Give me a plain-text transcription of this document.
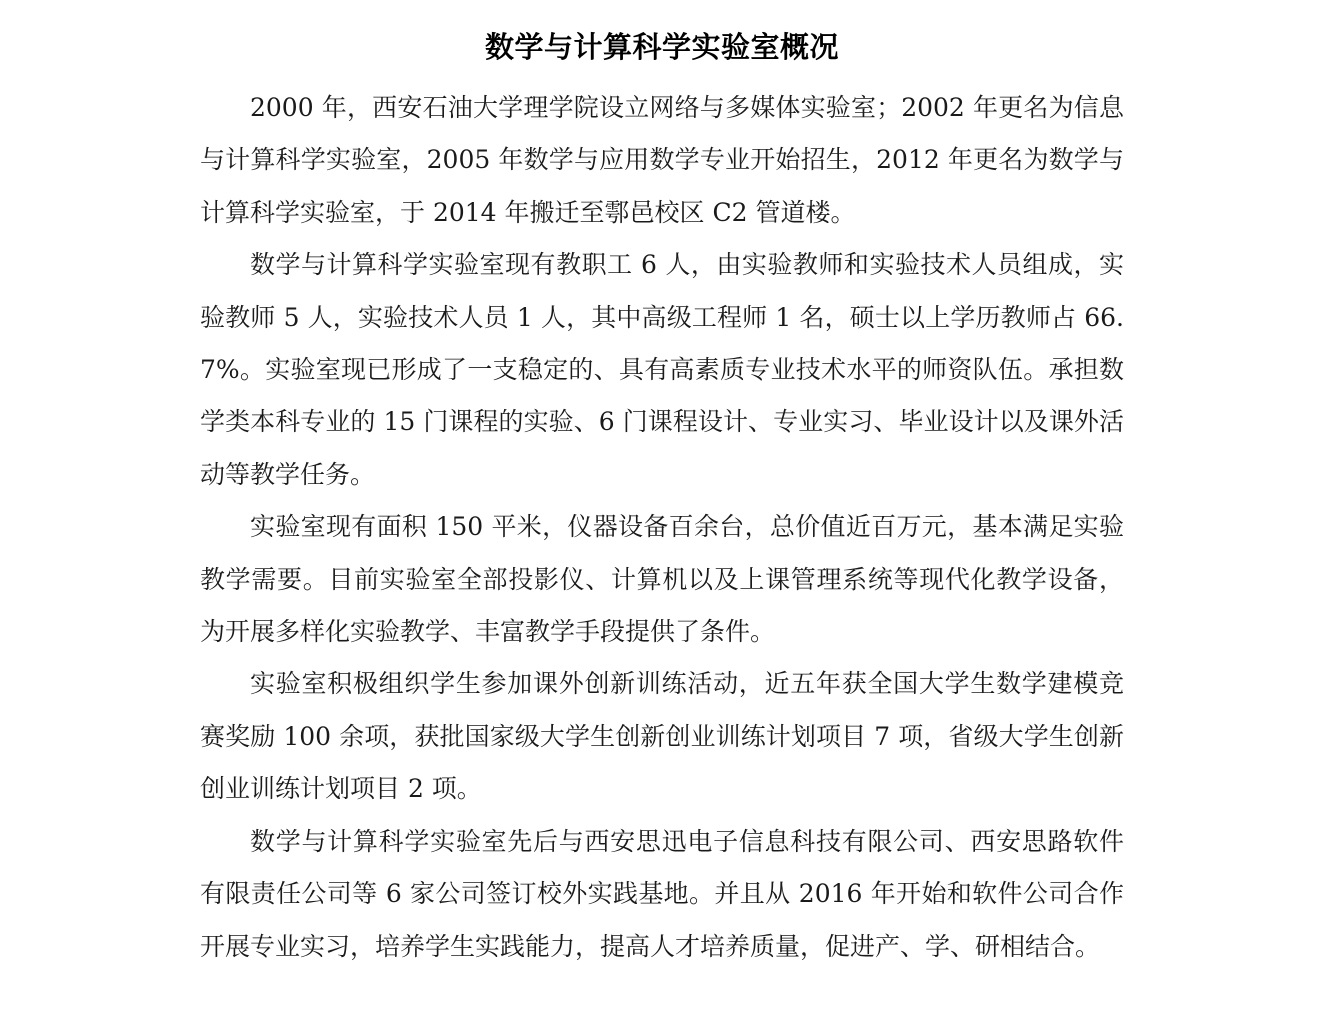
数学与计算科学实验室概况

2000 年，西安石油大学理学院设立网络与多媒体实验室；2002 年更名为信息与计算科学实验室，2005 年数学与应用数学专业开始招生，2012 年更名为数学与计算科学实验室，于 2014 年搬迁至鄠邑校区 C2 管道楼。

数学与计算科学实验室现有教职工 6 人，由实验教师和实验技术人员组成，实验教师 5 人，实验技术人员 1 人，其中高级工程师 1 名，硕士以上学历教师占 66.7%。实验室现已形成了一支稳定的、具有高素质专业技术水平的师资队伍。承担数学类本科专业的 15 门课程的实验、6 门课程设计、专业实习、毕业设计以及课外活动等教学任务。

实验室现有面积 150 平米，仪器设备百余台，总价值近百万元，基本满足实验教学需要。目前实验室全部投影仪、计算机以及上课管理系统等现代化教学设备，为开展多样化实验教学、丰富教学手段提供了条件。

实验室积极组织学生参加课外创新训练活动，近五年获全国大学生数学建模竞赛奖励 100 余项，获批国家级大学生创新创业训练计划项目 7 项，省级大学生创新创业训练计划项目 2 项。

数学与计算科学实验室先后与西安思迅电子信息科技有限公司、西安思路软件有限责任公司等 6 家公司签订校外实践基地。并且从 2016 年开始和软件公司合作开展专业实习，培养学生实践能力，提高人才培养质量，促进产、学、研相结合。
